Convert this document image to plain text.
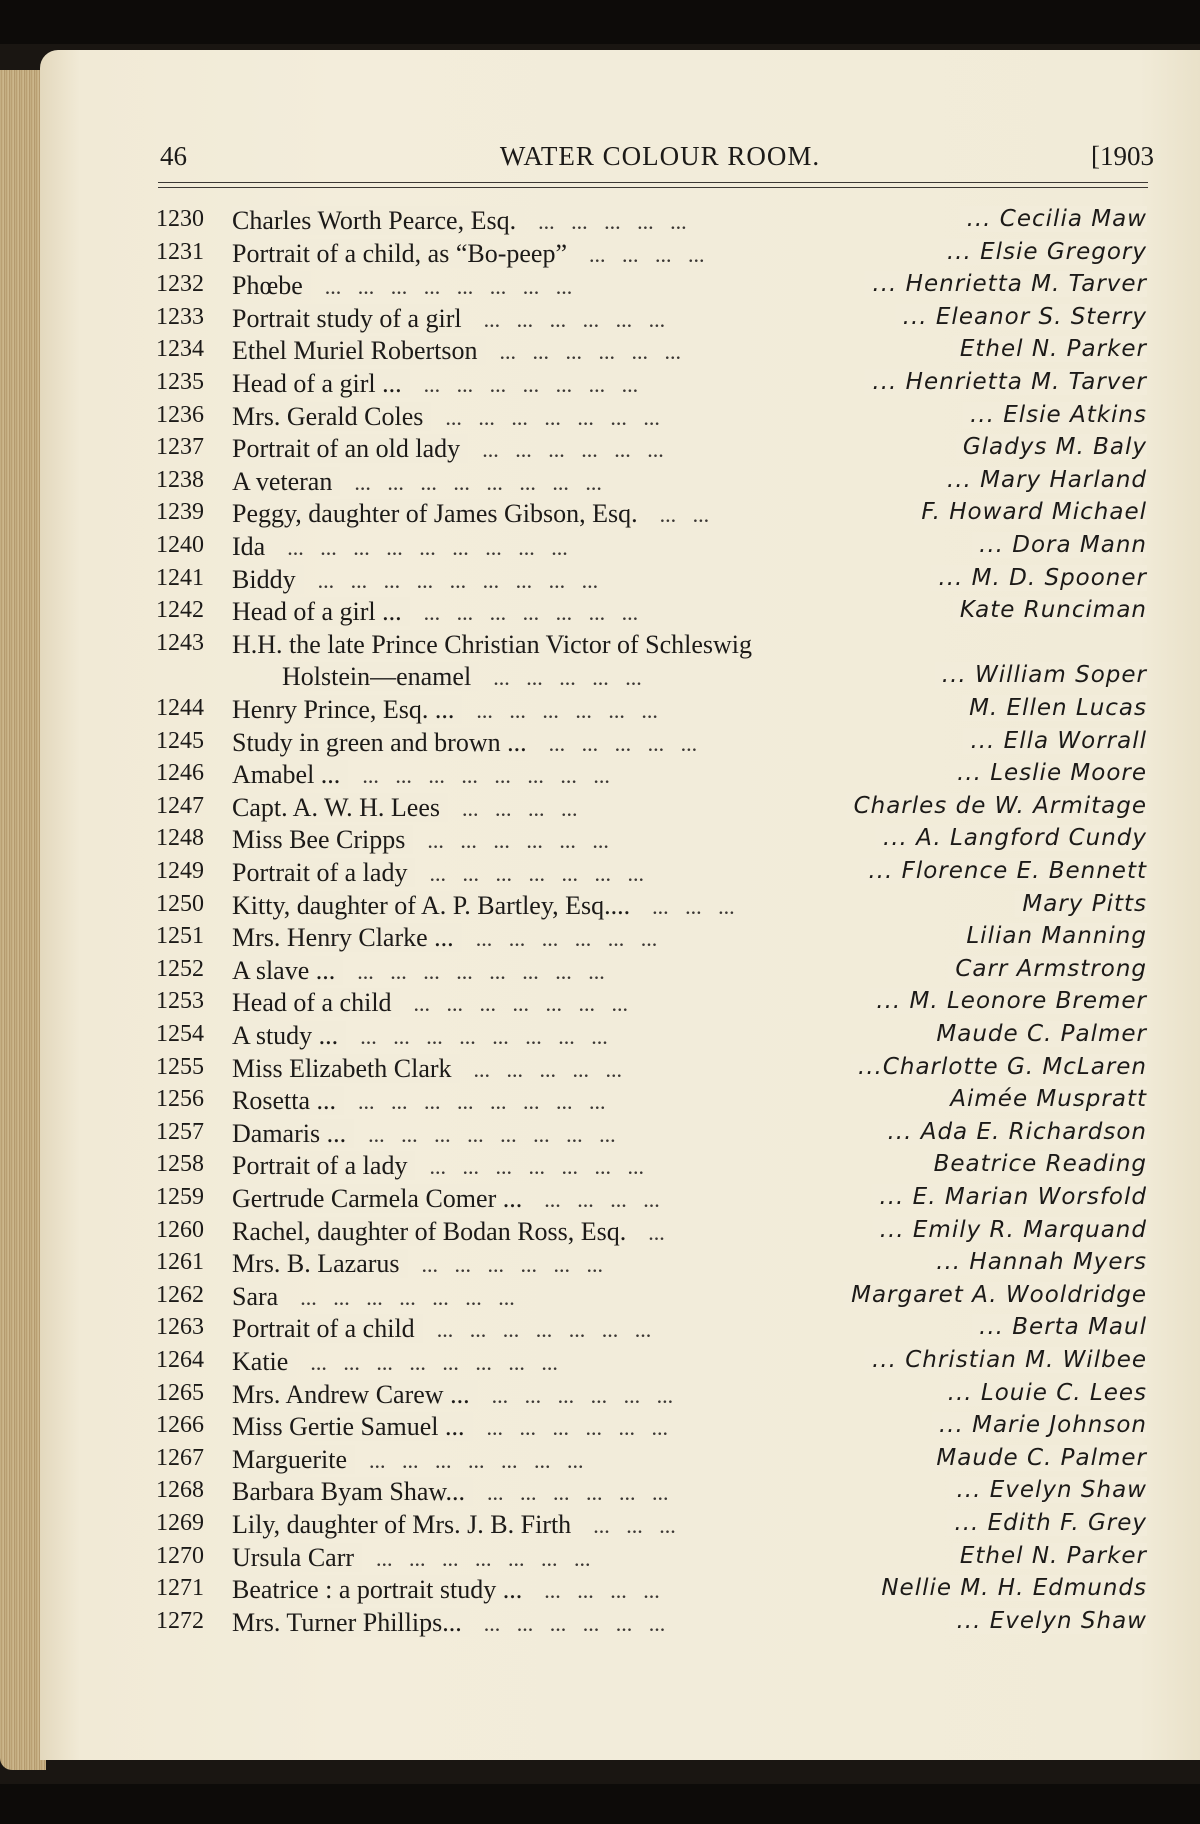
46	WATER COLOUR ROOM.	[1903
1230 Charles Worth Pearce, Esq. ...   ...   ...   ...   ...	... Cecilia Maw
1231 Portrait of a child, as “Bo-peep” ...   ...   ...   ...	... Elsie Gregory
1232 Phœbe ...   ...   ...   ...   ...   ...   ...   ...	... Henrietta M. Tarver
1233 Portrait study of a girl ...   ...   ...   ...   ...   ...	... Eleanor S. Sterry
1234 Ethel Muriel Robertson ...   ...   ...   ...   ...   ...	Ethel N. Parker
1235 Head of a girl ... ...   ...   ...   ...   ...   ...   ...	... Henrietta M. Tarver
1236 Mrs. Gerald Coles ...   ...   ...   ...   ...   ...   ...	... Elsie Atkins
1237 Portrait of an old lady ...   ...   ...   ...   ...   ...	Gladys M. Baly
1238 A veteran ...   ...   ...   ...   ...   ...   ...   ...	... Mary Harland
1239 Peggy, daughter of James Gibson, Esq. ...   ...	F. Howard Michael
1240 Ida ...   ...   ...   ...   ...   ...   ...   ...   ...	... Dora Mann
1241 Biddy ...   ...   ...   ...   ...   ...   ...   ...   ...	... M. D. Spooner
1242 Head of a girl ... ...   ...   ...   ...   ...   ...   ...	Kate Runciman
1243 H.H. the late Prince Christian Victor of Schleswig
Holstein—enamel ...   ...   ...   ...   ...	... William Soper
1244 Henry Prince, Esq. ... ...   ...   ...   ...   ...   ...	M. Ellen Lucas
1245 Study in green and brown ... ...   ...   ...   ...   ...	... Ella Worrall
1246 Amabel ... ...   ...   ...   ...   ...   ...   ...   ...	... Leslie Moore
1247 Capt. A. W. H. Lees ...   ...   ...   ...	Charles de W. Armitage
1248 Miss Bee Cripps ...   ...   ...   ...   ...   ...	... A. Langford Cundy
1249 Portrait of a lady ...   ...   ...   ...   ...   ...   ...	... Florence E. Bennett
1250 Kitty, daughter of A. P. Bartley, Esq.... ...   ...   ...	Mary Pitts
1251 Mrs. Henry Clarke ... ...   ...   ...   ...   ...   ...	Lilian Manning
1252 A slave ... ...   ...   ...   ...   ...   ...   ...   ...	Carr Armstrong
1253 Head of a child ...   ...   ...   ...   ...   ...   ...	... M. Leonore Bremer
1254 A study ... ...   ...   ...   ...   ...   ...   ...   ...	Maude C. Palmer
1255 Miss Elizabeth Clark ...   ...   ...   ...   ...	...Charlotte G. McLaren
1256 Rosetta ... ...   ...   ...   ...   ...   ...   ...   ...	Aimée Muspratt
1257 Damaris ... ...   ...   ...   ...   ...   ...   ...   ...	... Ada E. Richardson
1258 Portrait of a lady ...   ...   ...   ...   ...   ...   ...	Beatrice Reading
1259 Gertrude Carmela Comer ... ...   ...   ...   ...	... E. Marian Worsfold
1260 Rachel, daughter of Bodan Ross, Esq. ...	... Emily R. Marquand
1261 Mrs. B. Lazarus ...   ...   ...   ...   ...   ...	... Hannah Myers
1262 Sara ...   ...   ...   ...   ...   ...   ...	Margaret A. Wooldridge
1263 Portrait of a child ...   ...   ...   ...   ...   ...   ...	... Berta Maul
1264 Katie ...   ...   ...   ...   ...   ...   ...   ...	... Christian M. Wilbee
1265 Mrs. Andrew Carew ... ...   ...   ...   ...   ...   ...	... Louie C. Lees
1266 Miss Gertie Samuel ... ...   ...   ...   ...   ...   ...	... Marie Johnson
1267 Marguerite ...   ...   ...   ...   ...   ...   ...	Maude C. Palmer
1268 Barbara Byam Shaw... ...   ...   ...   ...   ...   ...	... Evelyn Shaw
1269 Lily, daughter of Mrs. J. B. Firth ...   ...   ...	... Edith F. Grey
1270 Ursula Carr ...   ...   ...   ...   ...   ...   ...	Ethel N. Parker
1271 Beatrice : a portrait study ... ...   ...   ...   ...	Nellie M. H. Edmunds
1272 Mrs. Turner Phillips... ...   ...   ...   ...   ...   ...	... Evelyn Shaw
